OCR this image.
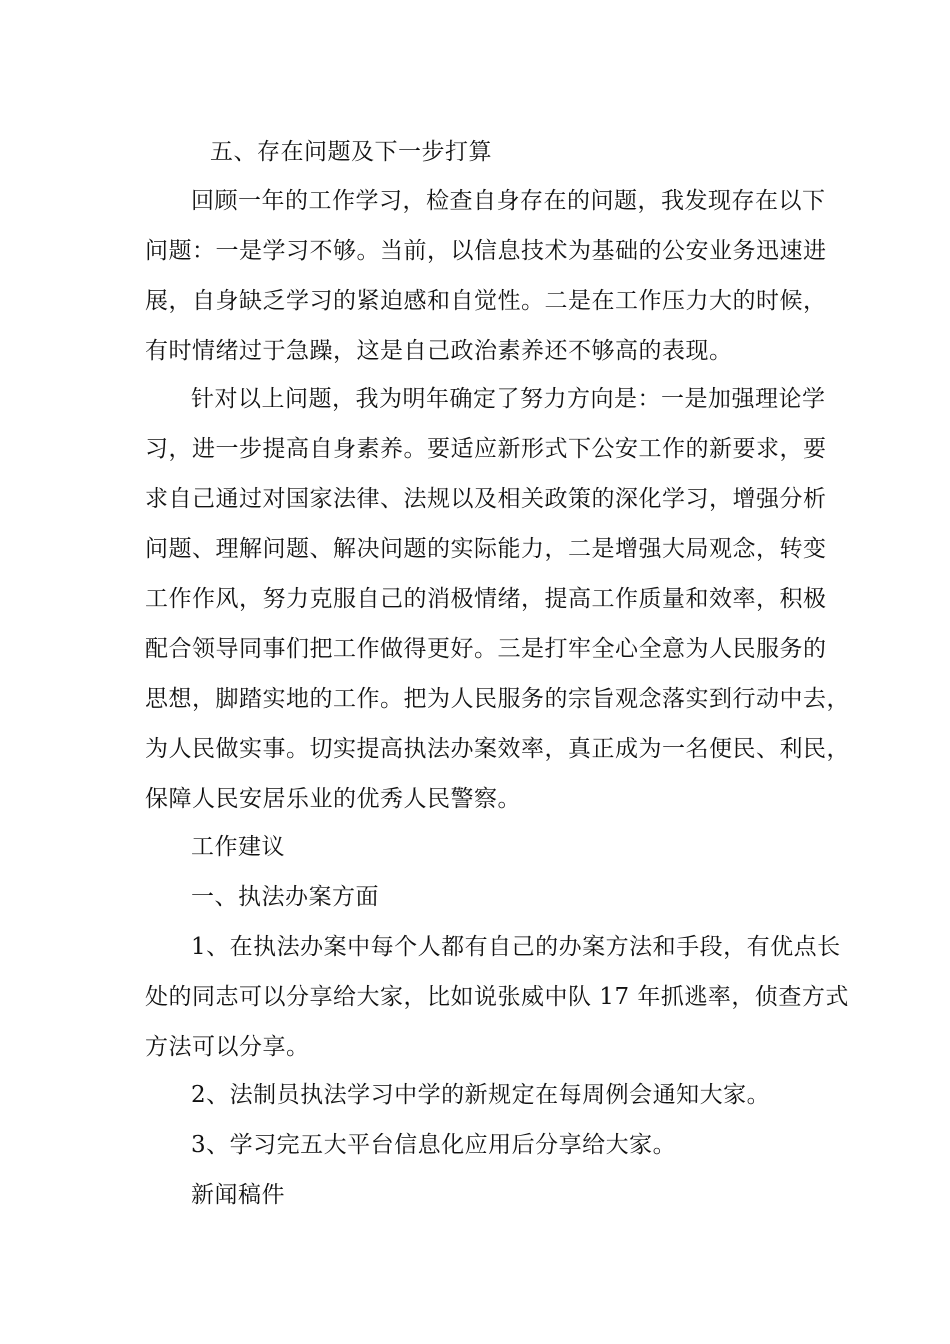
五、存在问题及下一步打算
回顾一年的工作学习，检查自身存在的问题，我发现存在以下
问题：一是学习不够。当前，以信息技术为基础的公安业务迅速进
展，自身缺乏学习的紧迫感和自觉性。二是在工作压力大的时候，
有时情绪过于急躁，这是自己政治素养还不够高的表现。
针对以上问题，我为明年确定了努力方向是：一是加强理论学
习，进一步提高自身素养。要适应新形式下公安工作的新要求，要
求自己通过对国家法律、法规以及相关政策的深化学习，增强分析
问题、理解问题、解决问题的实际能力，二是增强大局观念，转变
工作作风，努力克服自己的消极情绪，提高工作质量和效率，积极
配合领导同事们把工作做得更好。三是打牢全心全意为人民服务的
思想，脚踏实地的工作。把为人民服务的宗旨观念落实到行动中去，
为人民做实事。切实提高执法办案效率，真正成为一名便民、利民，
保障人民安居乐业的优秀人民警察。
工作建议
一、执法办案方面
1、在执法办案中每个人都有自己的办案方法和手段，有优点长
处的同志可以分享给大家，比如说张威中队 17 年抓逃率，侦查方式
方法可以分享。
2、法制员执法学习中学的新规定在每周例会通知大家。
3、学习完五大平台信息化应用后分享给大家。
新闻稿件
